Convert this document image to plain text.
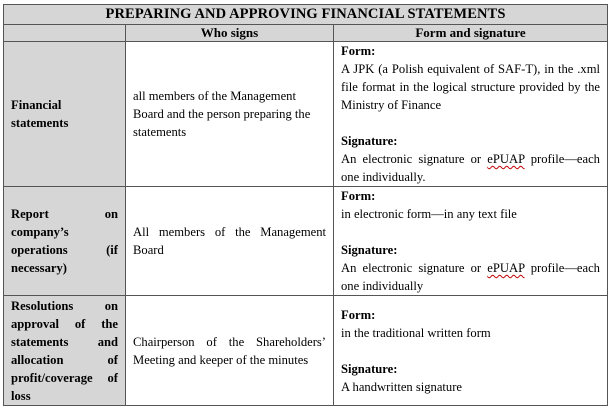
PREPARING AND APPROVING FINANCIAL STATEMENTS		
	Who signs	Form and signature
Financial statements	all members of the Management Board and the person preparing the statements	Form:
A JPK (a Polish equivalent of SAF-T), in the .xml file format in the logical structure provided by the Ministry of Finance
Signature:
An electronic signature or ePUAP profile—each one individually.

Report on company’s operations (if necessary)	All members of the Management Board	Form:
in electronic form—in any text file
Signature:
An electronic signature or ePUAP profile—each one individually

Resolutions on approval of the statements and allocation of profit/coverage of loss	Chairperson of the Shareholders’ Meeting and keeper of the minutes	Form:
in the traditional written form
Signature:
A handwritten signature
